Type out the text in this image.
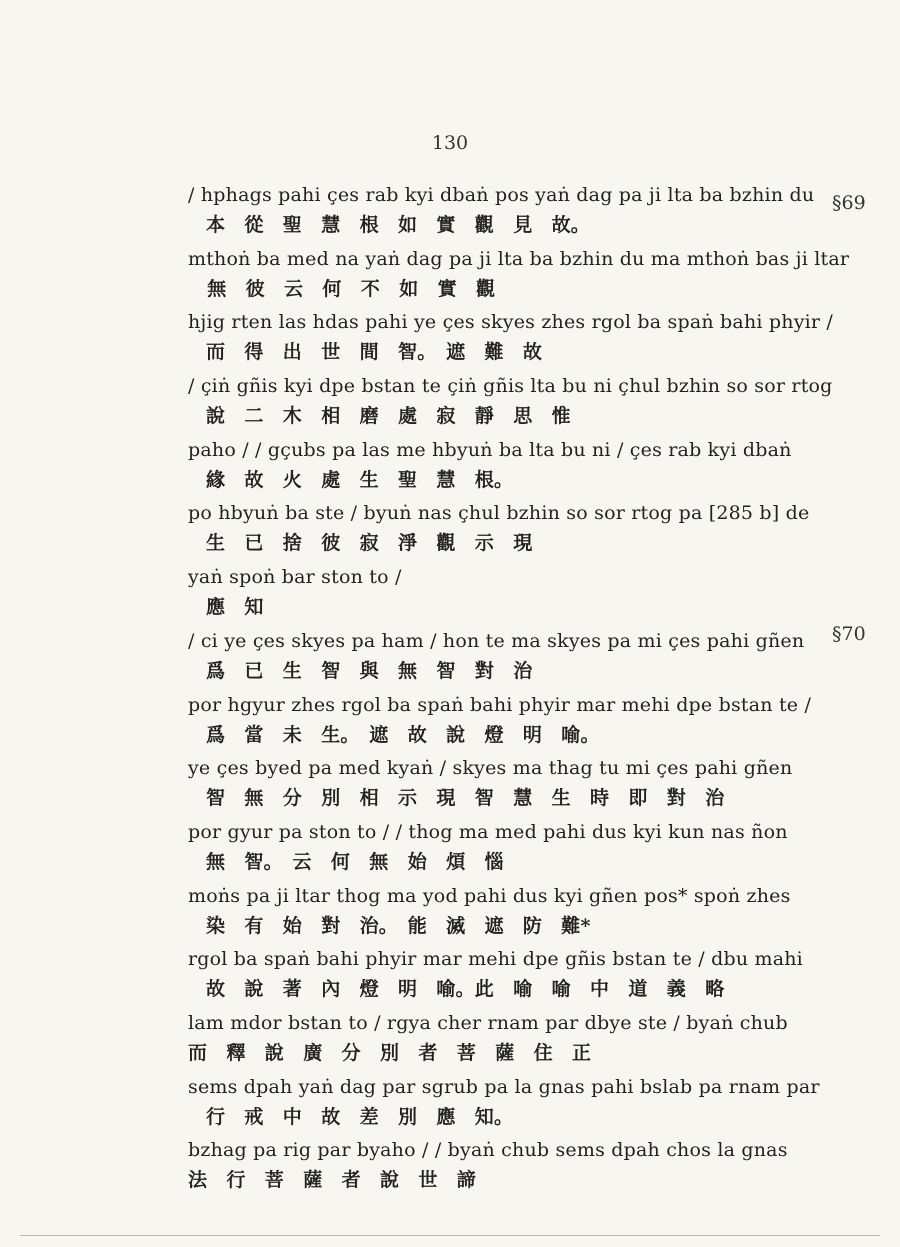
130
§69
§70
/ hphags pahi çes rab kyi dbaṅ pos yaṅ dag pa ji lta ba bzhin du
本　從　聖　慧　根　如　實　觀　見　故。
mthoṅ ba med na yaṅ dag pa ji lta ba bzhin du ma mthoṅ bas ji ltar
　無　彼　云　何　不　如　實　觀
hjig rten las hdas pahi ye çes skyes zhes rgol ba spaṅ bahi phyir /
而　得　出　世　間　智。　遮　難　故
/ çiṅ gñis kyi dpe bstan te çiṅ gñis lta bu ni çhul bzhin so sor rtog
說　二　木　相　磨　處　寂　靜　思　惟
paho / / gçubs pa las me hbyuṅ ba lta bu ni / çes rab kyi dbaṅ
緣　故　火　處　生　聖　慧　根。
po hbyuṅ ba ste / byuṅ nas çhul bzhin so sor rtog pa [285 b] de
生　已　捨　彼　寂　淨　觀　示　現
yaṅ spoṅ bar ston to /
應　知
/ ci ye çes skyes pa ham / hon te ma skyes pa mi çes pahi gñen
爲　已　生　智　與　無　智　對　治
por hgyur zhes rgol ba spaṅ bahi phyir mar mehi dpe bstan te /
爲　當　未　生。　遮　故　說　燈　明　喻。
ye çes byed pa med kyaṅ / skyes ma thag tu mi çes pahi gñen
智　無　分　別　相　示　現　智　慧　生　時　即　對　治
por gyur pa ston to / / thog ma med pahi dus kyi kun nas ñon
無　智。　云　何　無　始　煩　惱
moṅs pa ji ltar thog ma yod pahi dus kyi gñen pos* spoṅ zhes
染　有　始　對　治。　能　滅　遮　防　難*
rgol ba spaṅ bahi phyir mar mehi dpe gñis bstan te / dbu mahi
故　說　著　內　燈　明　喻。此　喻　喻　中　道　義　略
lam mdor bstan to / rgya cher rnam par dbye ste / byaṅ chub
而　釋　說　廣　分　別　者　菩　薩　住　正
sems dpah yaṅ dag par sgrub pa la gnas pahi bslab pa rnam par
行　戒　中　故　差　別　應　知。
bzhag pa rig par byaho / / byaṅ chub sems dpah chos la gnas
法　行　菩　薩　者　說　世　諦
